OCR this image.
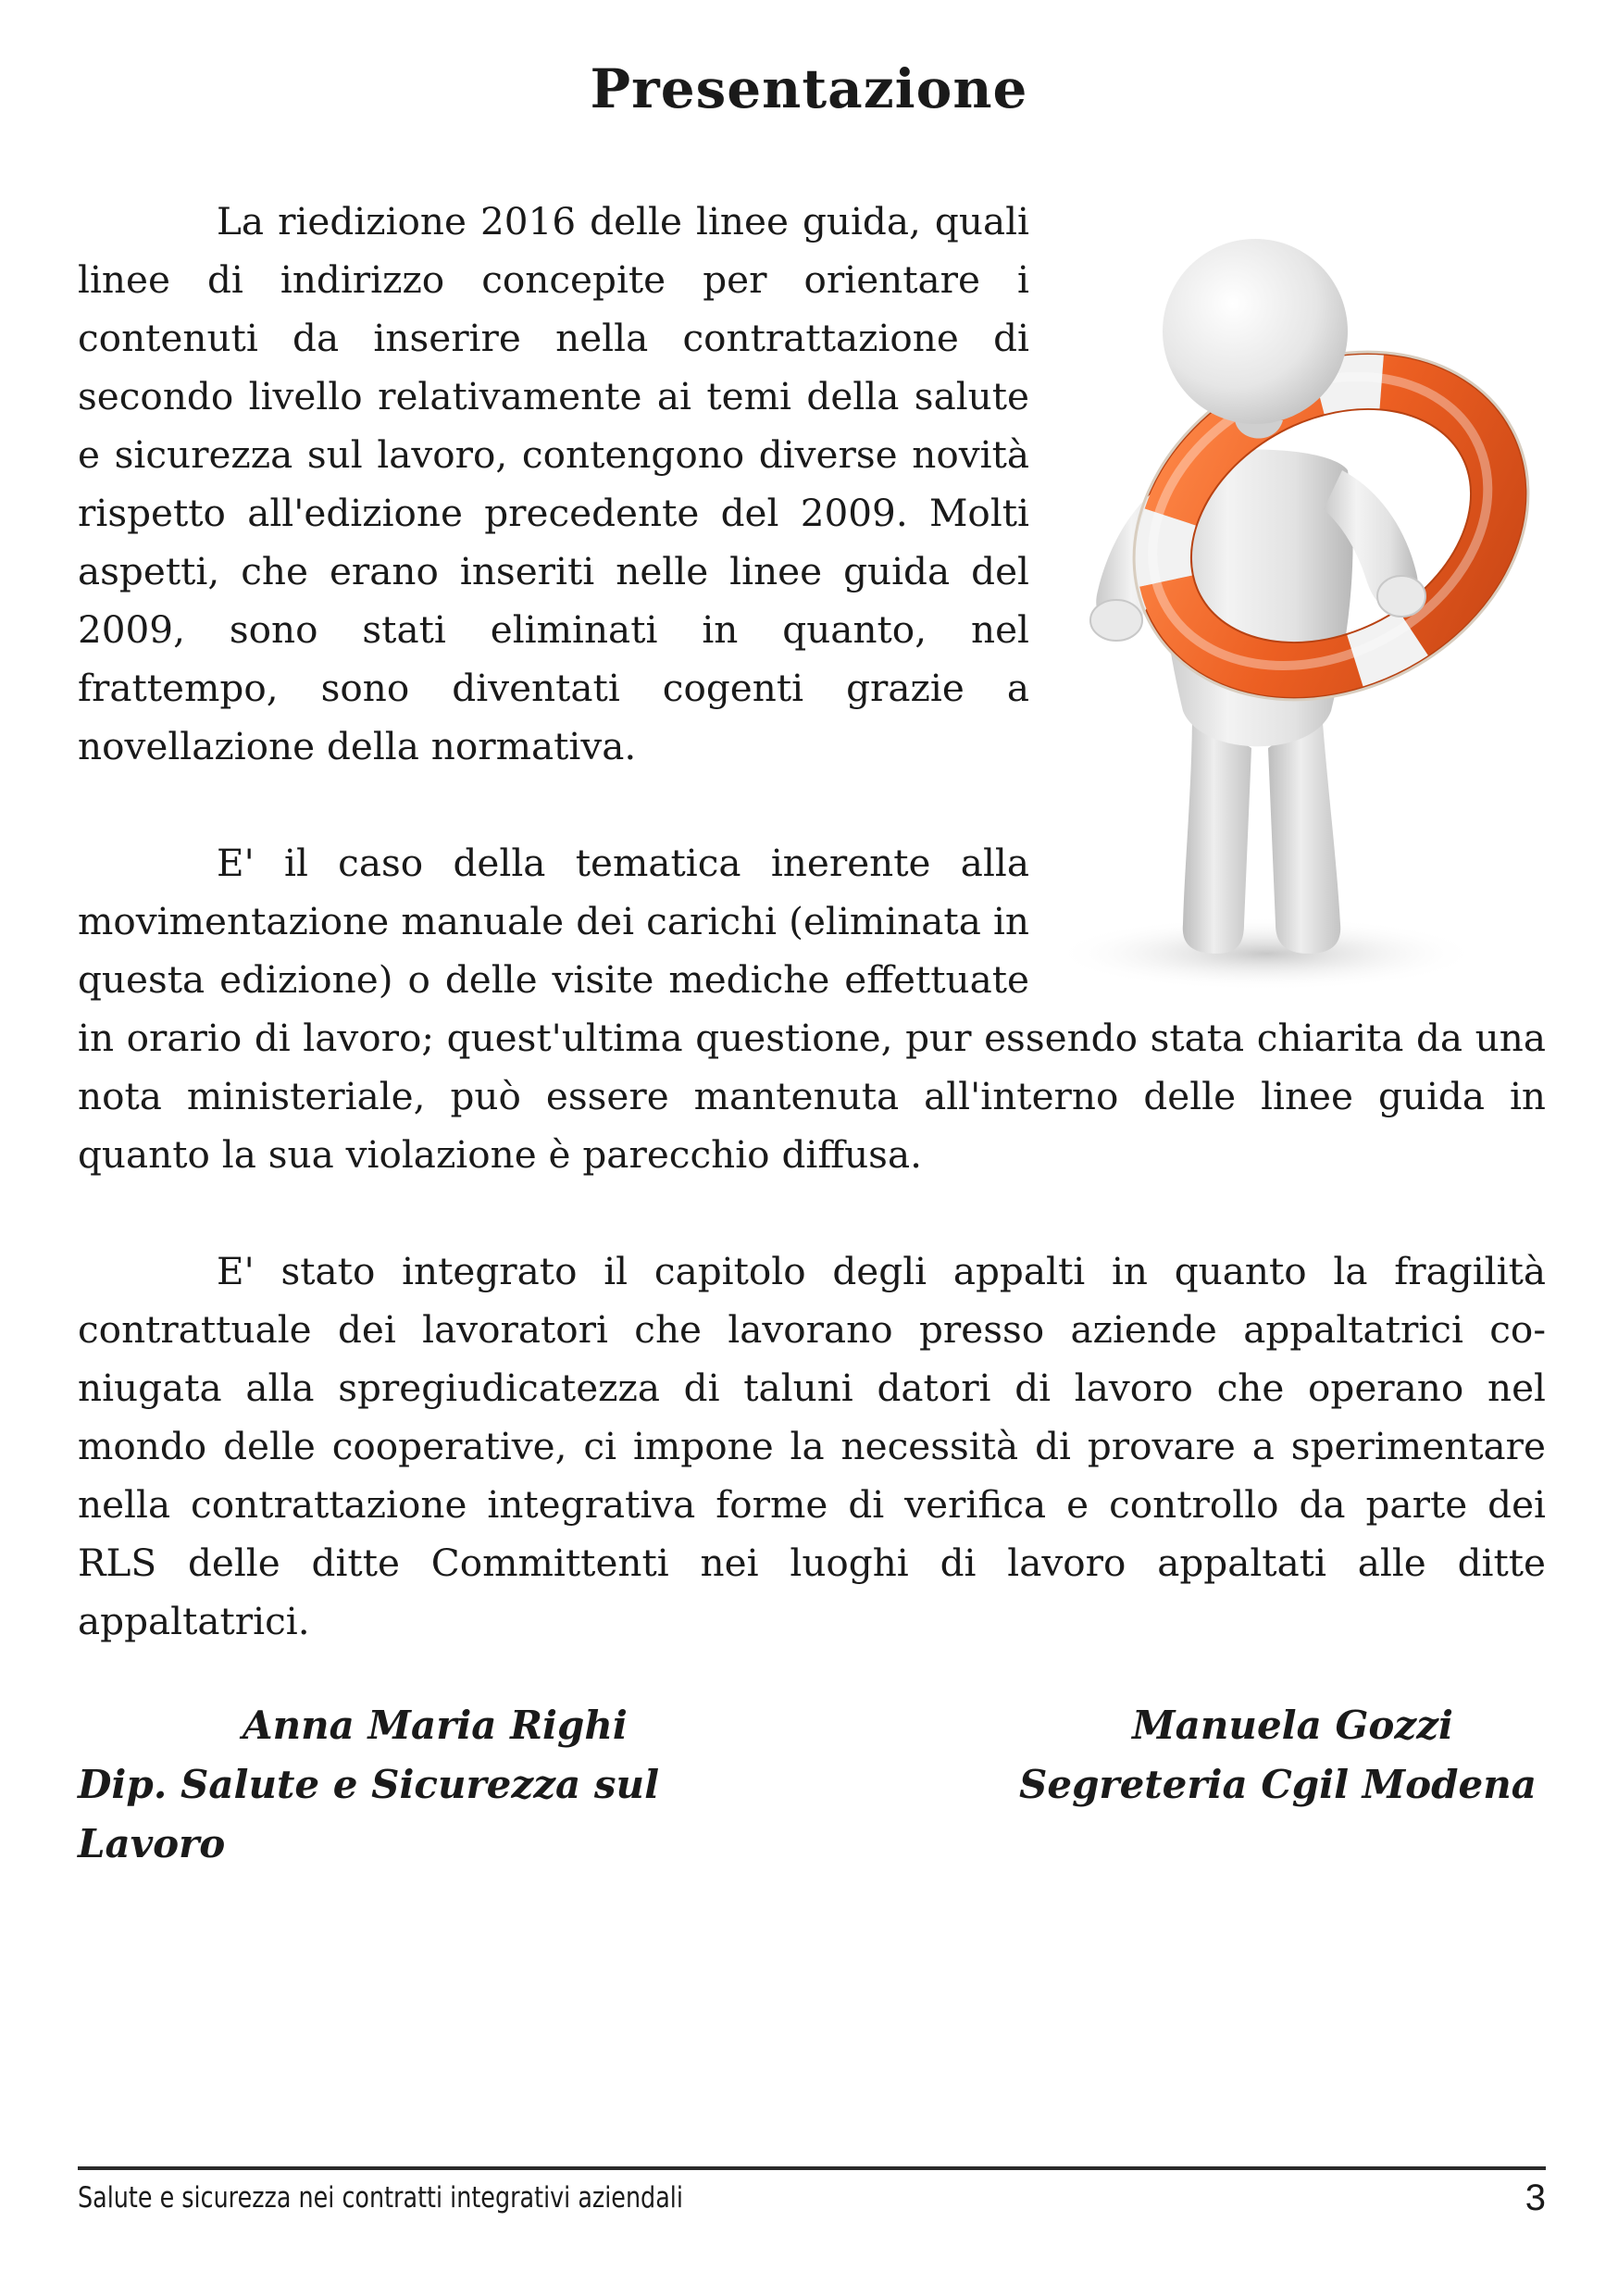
Presentazione

La riedizione 2016 delle linee guida, quali linee di indirizzo concepite per orientare i contenuti da inserire nella contrattazione di secondo livello relativamente ai temi della salute e sicurezza sul lavoro, contengono diverse novità rispetto all'edizione precedente del 2009. Molti aspetti, che erano inseriti nelle linee guida del 2009, sono stati eliminati in quanto, nel frattempo, sono diventati cogenti grazie a novellazione della normativa.

E' il caso della tematica inerente alla movimentazione manuale dei carichi (eliminata in questa edizione) o delle visite mediche effettuate in orario di lavoro; quest'ultima questione, pur essendo stata chiarita da una nota ministeriale, può essere mantenuta all'interno delle linee guida in quanto la sua violazione è parecchio diffusa.

E' stato integrato il capitolo degli appalti in quanto la fragilità contrattuale dei lavoratori che lavorano presso aziende appaltatrici coniugata alla spregiudicatezza di taluni datori di lavoro che operano nel mondo delle cooperative, ci impone la necessità di provare a sperimentare nella contrattazione integrativa forme di verifica e controllo da parte dei RLS delle ditte Committenti nei luoghi di lavoro appaltati alle ditte appaltatrici.

Anna Maria Righi
Dip. Salute e Sicurezza sul Lavoro
Manuela Gozzi
Segreteria Cgil Modena
Salute e sicurezza nei contratti integrativi aziendali	3
